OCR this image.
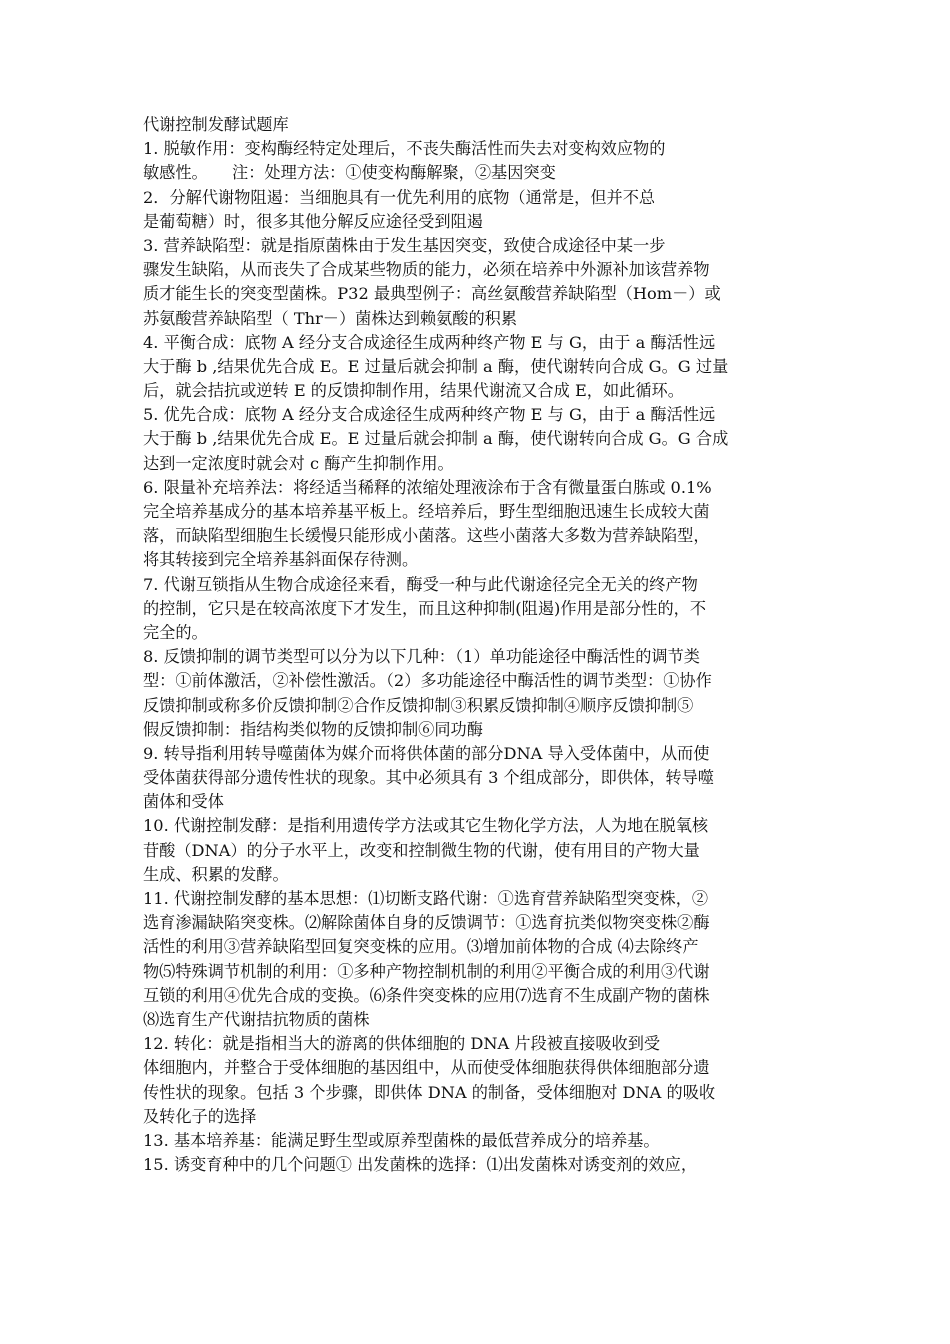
代谢控制发酵试题库
1. 脱敏作用：变构酶经特定处理后，不丧失酶活性而失去对变构效应物的
敏感性。　　注：处理方法：①使变构酶解聚，②基因突变
2．分解代谢物阻遏：当细胞具有一优先利用的底物（通常是，但并不总
是葡萄糖）时，很多其他分解反应途径受到阻遏
3. 营养缺陷型：就是指原菌株由于发生基因突变，致使合成途径中某一步
骤发生缺陷，从而丧失了合成某些物质的能力，必须在培养中外源补加该营养物
质才能生长的突变型菌株。P32 最典型例子：高丝氨酸营养缺陷型（Hom－）或
苏氨酸营养缺陷型（ Thr－）菌株达到赖氨酸的积累
4. 平衡合成：底物 A 经分支合成途径生成两种终产物 E 与 G，由于 a 酶活性远
大于酶 b ,结果优先合成 E。E 过量后就会抑制 a 酶，使代谢转向合成 G。G 过量
后，就会拮抗或逆转 E 的反馈抑制作用，结果代谢流又合成 E，如此循环。
5. 优先合成：底物 A 经分支合成途径生成两种终产物 E 与 G，由于 a 酶活性远
大于酶 b ,结果优先合成 E。E 过量后就会抑制 a 酶，使代谢转向合成 G。G 合成
达到一定浓度时就会对 c 酶产生抑制作用。
6. 限量补充培养法：将经适当稀释的浓缩处理液涂布于含有微量蛋白胨或 0.1%
完全培养基成分的基本培养基平板上。经培养后，野生型细胞迅速生长成较大菌
落，而缺陷型细胞生长缓慢只能形成小菌落。这些小菌落大多数为营养缺陷型，
将其转接到完全培养基斜面保存待测。
7. 代谢互锁指从生物合成途径来看，酶受一种与此代谢途径完全无关的终产物
的控制，它只是在较高浓度下才发生，而且这种抑制(阻遏)作用是部分性的，不
完全的。
8. 反馈抑制的调节类型可以分为以下几种：（1）单功能途径中酶活性的调节类
型：①前体激活，②补偿性激活。（2）多功能途径中酶活性的调节类型：①协作
反馈抑制或称多价反馈抑制②合作反馈抑制③积累反馈抑制④顺序反馈抑制⑤
假反馈抑制：指结构类似物的反馈抑制⑥同功酶
9. 转导指利用转导噬菌体为媒介而将供体菌的部分DNA 导入受体菌中，从而使
受体菌获得部分遗传性状的现象。其中必须具有 3 个组成部分，即供体，转导噬
菌体和受体
10. 代谢控制发酵：是指利用遗传学方法或其它生物化学方法，人为地在脱氧核
苷酸（DNA）的分子水平上，改变和控制微生物的代谢，使有用目的产物大量
生成、积累的发酵。
11. 代谢控制发酵的基本思想：⑴切断支路代谢：①选育营养缺陷型突变株，②
选育渗漏缺陷突变株。⑵解除菌体自身的反馈调节：①选育抗类似物突变株②酶
活性的利用③营养缺陷型回复突变株的应用。⑶增加前体物的合成 ⑷去除终产
物⑸特殊调节机制的利用：①多种产物控制机制的利用②平衡合成的利用③代谢
互锁的利用④优先合成的变换。⑹条件突变株的应用⑺选育不生成副产物的菌株
⑻选育生产代谢拮抗物质的菌株
12. 转化：就是指相当大的游离的供体细胞的 DNA 片段被直接吸收到受
体细胞内，并整合于受体细胞的基因组中，从而使受体细胞获得供体细胞部分遗
传性状的现象。包括 3 个步骤，即供体 DNA 的制备，受体细胞对 DNA 的吸收
及转化子的选择
13. 基本培养基：能满足野生型或原养型菌株的最低营养成分的培养基。
15. 诱变育种中的几个问题① 出发菌株的选择：⑴出发菌株对诱变剂的效应，
